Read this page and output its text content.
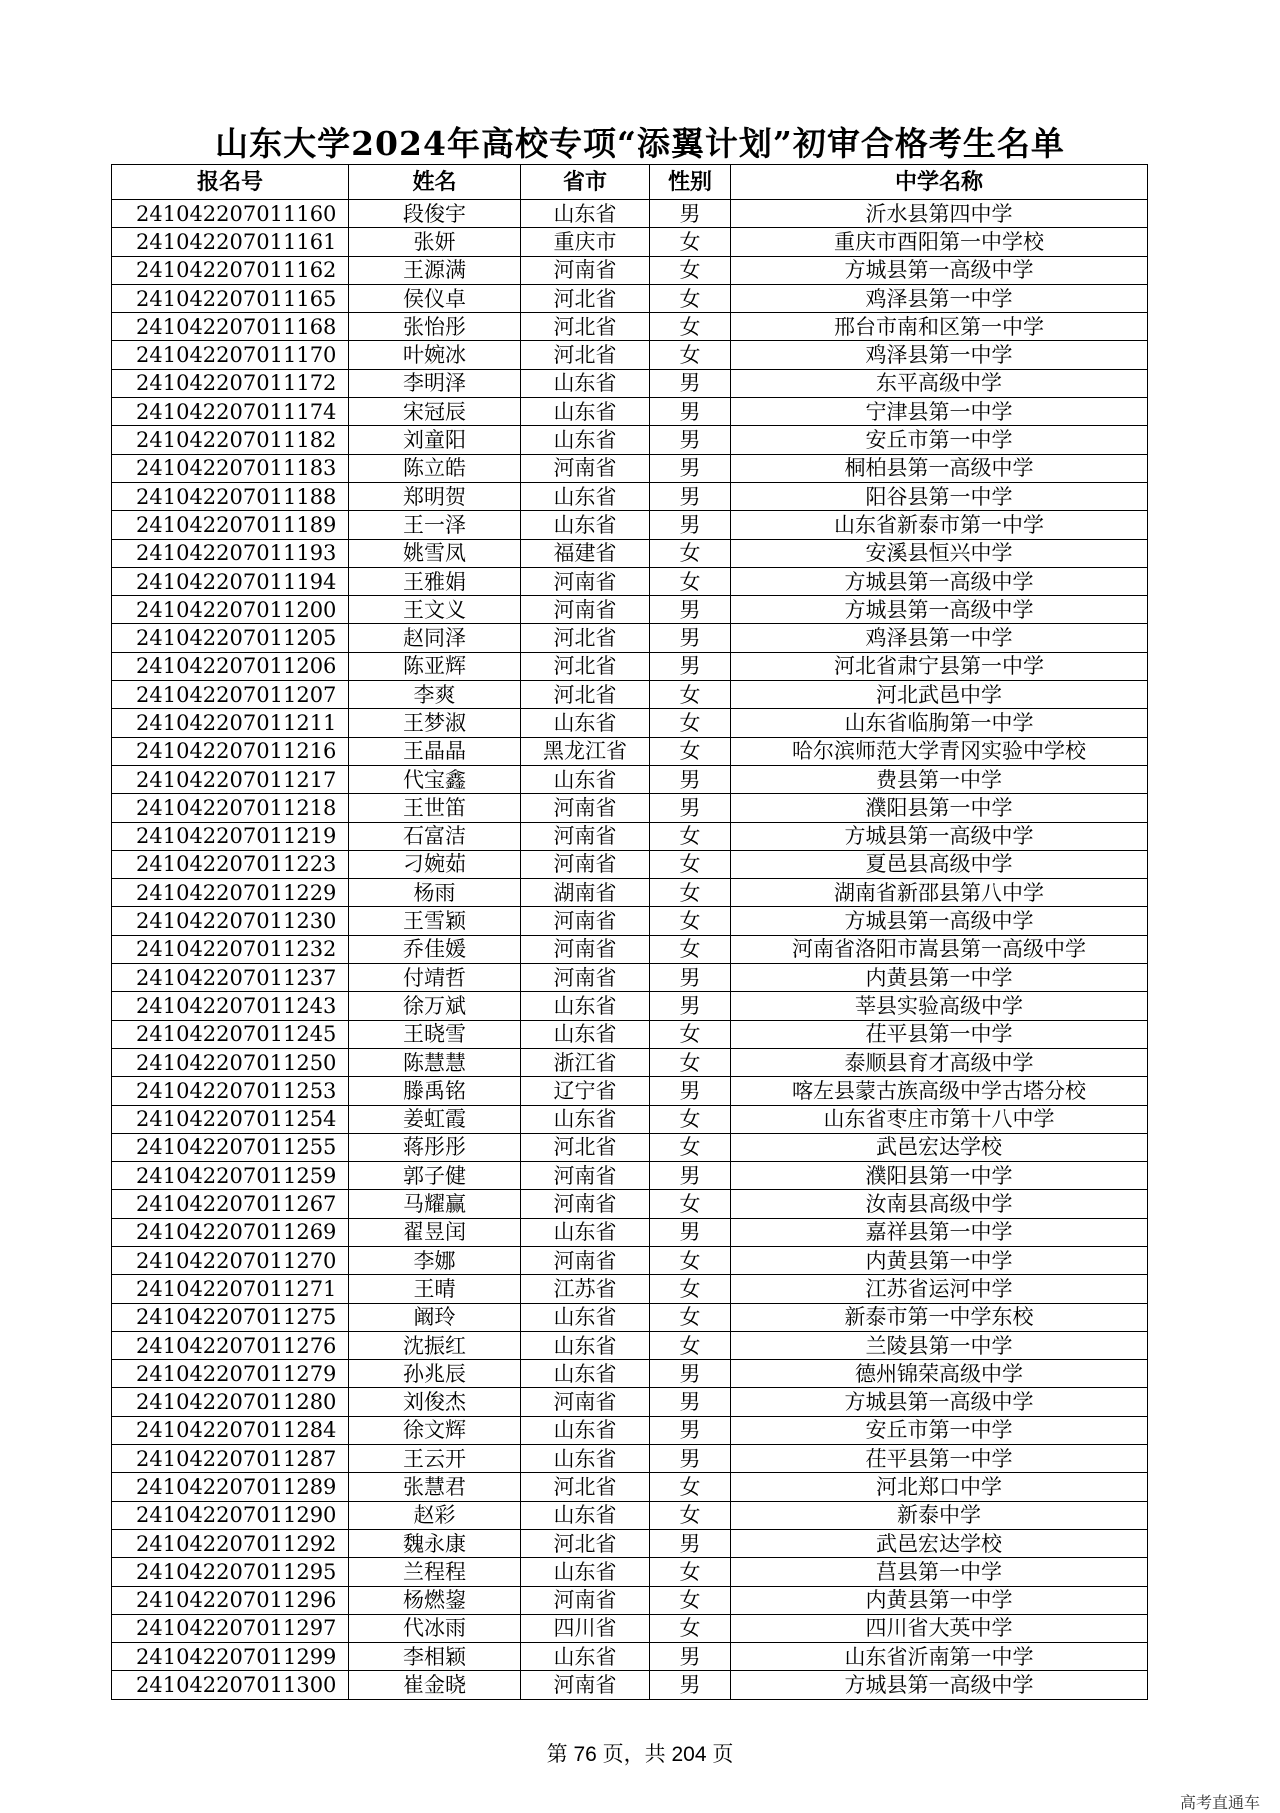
山东大学2024年高校专项“添翼计划”初审合格考生名单
报名号	姓名	省市	性别	中学名称
241042207011160	段俊宇	山东省	男	沂水县第四中学
241042207011161	张妍	重庆市	女	重庆市酉阳第一中学校
241042207011162	王源满	河南省	女	方城县第一高级中学
241042207011165	侯仪卓	河北省	女	鸡泽县第一中学
241042207011168	张怡彤	河北省	女	邢台市南和区第一中学
241042207011170	叶婉冰	河北省	女	鸡泽县第一中学
241042207011172	李明泽	山东省	男	东平高级中学
241042207011174	宋冠辰	山东省	男	宁津县第一中学
241042207011182	刘童阳	山东省	男	安丘市第一中学
241042207011183	陈立皓	河南省	男	桐柏县第一高级中学
241042207011188	郑明贺	山东省	男	阳谷县第一中学
241042207011189	王一泽	山东省	男	山东省新泰市第一中学
241042207011193	姚雪凤	福建省	女	安溪县恒兴中学
241042207011194	王雅娟	河南省	女	方城县第一高级中学
241042207011200	王文义	河南省	男	方城县第一高级中学
241042207011205	赵同泽	河北省	男	鸡泽县第一中学
241042207011206	陈亚辉	河北省	男	河北省肃宁县第一中学
241042207011207	李爽	河北省	女	河北武邑中学
241042207011211	王梦淑	山东省	女	山东省临朐第一中学
241042207011216	王晶晶	黑龙江省	女	哈尔滨师范大学青冈实验中学校
241042207011217	代宝鑫	山东省	男	费县第一中学
241042207011218	王世笛	河南省	男	濮阳县第一中学
241042207011219	石富洁	河南省	女	方城县第一高级中学
241042207011223	刁婉茹	河南省	女	夏邑县高级中学
241042207011229	杨雨	湖南省	女	湖南省新邵县第八中学
241042207011230	王雪颖	河南省	女	方城县第一高级中学
241042207011232	乔佳媛	河南省	女	河南省洛阳市嵩县第一高级中学
241042207011237	付靖哲	河南省	男	内黄县第一中学
241042207011243	徐万斌	山东省	男	莘县实验高级中学
241042207011245	王晓雪	山东省	女	茌平县第一中学
241042207011250	陈慧慧	浙江省	女	泰顺县育才高级中学
241042207011253	滕禹铭	辽宁省	男	喀左县蒙古族高级中学古塔分校
241042207011254	姜虹霞	山东省	女	山东省枣庄市第十八中学
241042207011255	蒋彤彤	河北省	女	武邑宏达学校
241042207011259	郭子健	河南省	男	濮阳县第一中学
241042207011267	马耀赢	河南省	女	汝南县高级中学
241042207011269	翟昱闰	山东省	男	嘉祥县第一中学
241042207011270	李娜	河南省	女	内黄县第一中学
241042207011271	王晴	江苏省	女	江苏省运河中学
241042207011275	阚玲	山东省	女	新泰市第一中学东校
241042207011276	沈振红	山东省	女	兰陵县第一中学
241042207011279	孙兆辰	山东省	男	德州锦荣高级中学
241042207011280	刘俊杰	河南省	男	方城县第一高级中学
241042207011284	徐文辉	山东省	男	安丘市第一中学
241042207011287	王云开	山东省	男	茌平县第一中学
241042207011289	张慧君	河北省	女	河北郑口中学
241042207011290	赵彩	山东省	女	新泰中学
241042207011292	魏永康	河北省	男	武邑宏达学校
241042207011295	兰程程	山东省	女	莒县第一中学
241042207011296	杨燃鋆	河南省	女	内黄县第一中学
241042207011297	代冰雨	四川省	女	四川省大英中学
241042207011299	李相颖	山东省	男	山东省沂南第一中学
241042207011300	崔金晓	河南省	男	方城县第一高级中学
第 76 页，共 204 页
高考直通车
